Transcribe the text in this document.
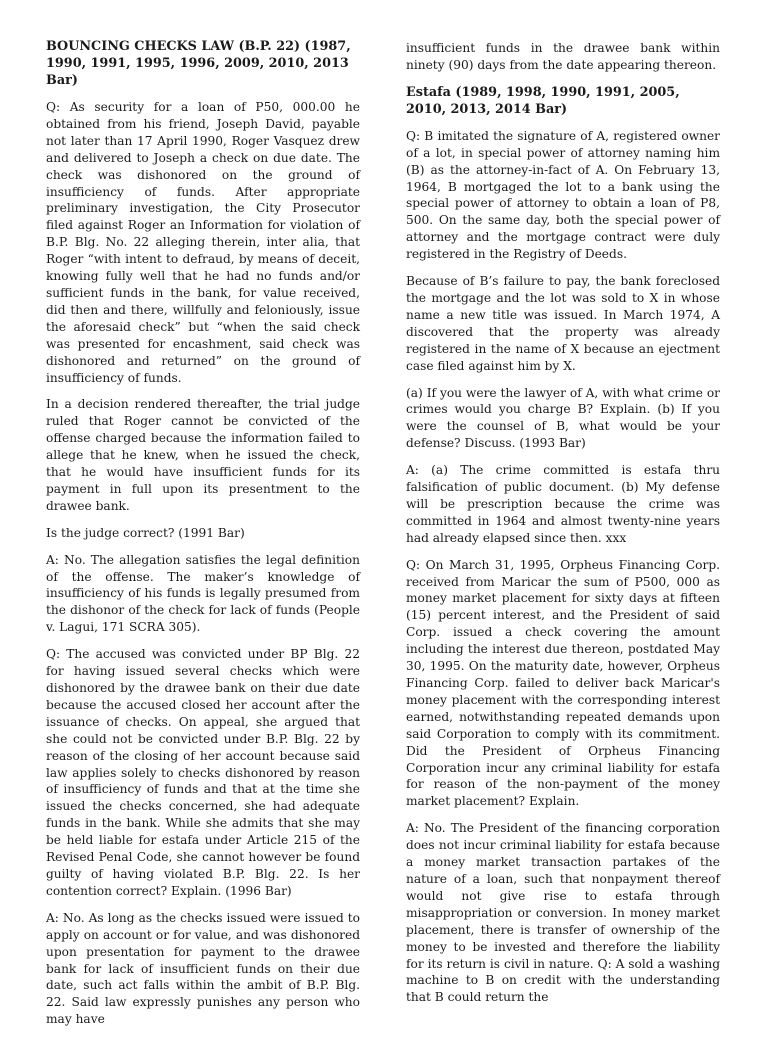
BOUNCING CHECKS LAW (B.P. 22) (1987, 1990, 1991, 1995, 1996, 2009, 2010, 2013 Bar)

Q: As security for a loan of P50, 000.00 he obtained from his friend, Joseph David, payable not later than 17 April 1990, Roger Vasquez drew and delivered to Joseph a check on due date. The check was dishonored on the ground of insufficiency of funds. After appropriate preliminary investigation, the City Prosecutor filed against Roger an Information for violation of B.P. Blg. No. 22 alleging therein, inter alia, that Roger “with intent to defraud, by means of deceit, knowing fully well that he had no funds and/or sufficient funds in the bank, for value received, did then and there, willfully and feloniously, issue the aforesaid check” but “when the said check was presented for encashment, said check was dishonored and returned” on the ground of insufficiency of funds.

In a decision rendered thereafter, the trial judge ruled that Roger cannot be convicted of the offense charged because the information failed to allege that he knew, when he issued the check, that he would have insufficient funds for its payment in full upon its presentment to the drawee bank.

Is the judge correct? (1991 Bar)

A: No. The allegation satisfies the legal definition of the offense. The maker’s knowledge of insufficiency of his funds is legally presumed from the dishonor of the check for lack of funds (People v. Lagui, 171 SCRA 305).

Q: The accused was convicted under BP Blg. 22 for having issued several checks which were dishonored by the drawee bank on their due date because the accused closed her account after the issuance of checks. On appeal, she argued that she could not be convicted under B.P. Blg. 22 by reason of the closing of her account because said law applies solely to checks dishonored by reason of insufficiency of funds and that at the time she issued the checks concerned, she had adequate funds in the bank. While she admits that she may be held liable for estafa under Article 215 of the Revised Penal Code, she cannot however be found guilty of having violated B.P. Blg. 22. Is her contention correct? Explain. (1996 Bar)

A: No. As long as the checks issued were issued to apply on account or for value, and was dishonored upon presentation for payment to the drawee bank for lack of insufficient funds on their due date, such act falls within the ambit of B.P. Blg. 22. Said law expressly punishes any person who may have

insufficient funds in the drawee bank within ninety (90) days from the date appearing thereon.

Estafa (1989, 1998, 1990, 1991, 2005, 2010, 2013, 2014 Bar)

Q: B imitated the signature of A, registered owner of a lot, in special power of attorney naming him (B) as the attorney-in-fact of A. On February 13, 1964, B mortgaged the lot to a bank using the special power of attorney to obtain a loan of P8, 500. On the same day, both the special power of attorney and the mortgage contract were duly registered in the Registry of Deeds.

Because of B’s failure to pay, the bank foreclosed the mortgage and the lot was sold to X in whose name a new title was issued. In March 1974, A discovered that the property was already registered in the name of X because an ejectment case filed against him by X.

(a) If you were the lawyer of A, with what crime or crimes would you charge B? Explain. (b) If you were the counsel of B, what would be your defense? Discuss. (1993 Bar)

A: (a) The crime committed is estafa thru falsification of public document. (b) My defense will be prescription because the crime was committed in 1964 and almost twenty-nine years had already elapsed since then. xxx

Q: On March 31, 1995, Orpheus Financing Corp. received from Maricar the sum of P500, 000 as money market placement for sixty days at fifteen (15) percent interest, and the President of said Corp. issued a check covering the amount including the interest due thereon, postdated May 30, 1995. On the maturity date, however, Orpheus Financing Corp. failed to deliver back Maricar's money placement with the corresponding interest earned, notwithstanding repeated demands upon said Corporation to comply with its commitment. Did the President of Orpheus Financing Corporation incur any criminal liability for estafa for reason of the non-payment of the money market placement? Explain.

A: No. The President of the financing corporation does not incur criminal liability for estafa because a money market transaction partakes of the nature of a loan, such that nonpayment thereof would not give rise to estafa through misappropriation or conversion. In money market placement, there is transfer of ownership of the money to be invested and therefore the liability for its return is civil in nature. Q: A sold a washing machine to B on credit with the understanding that B could return the
